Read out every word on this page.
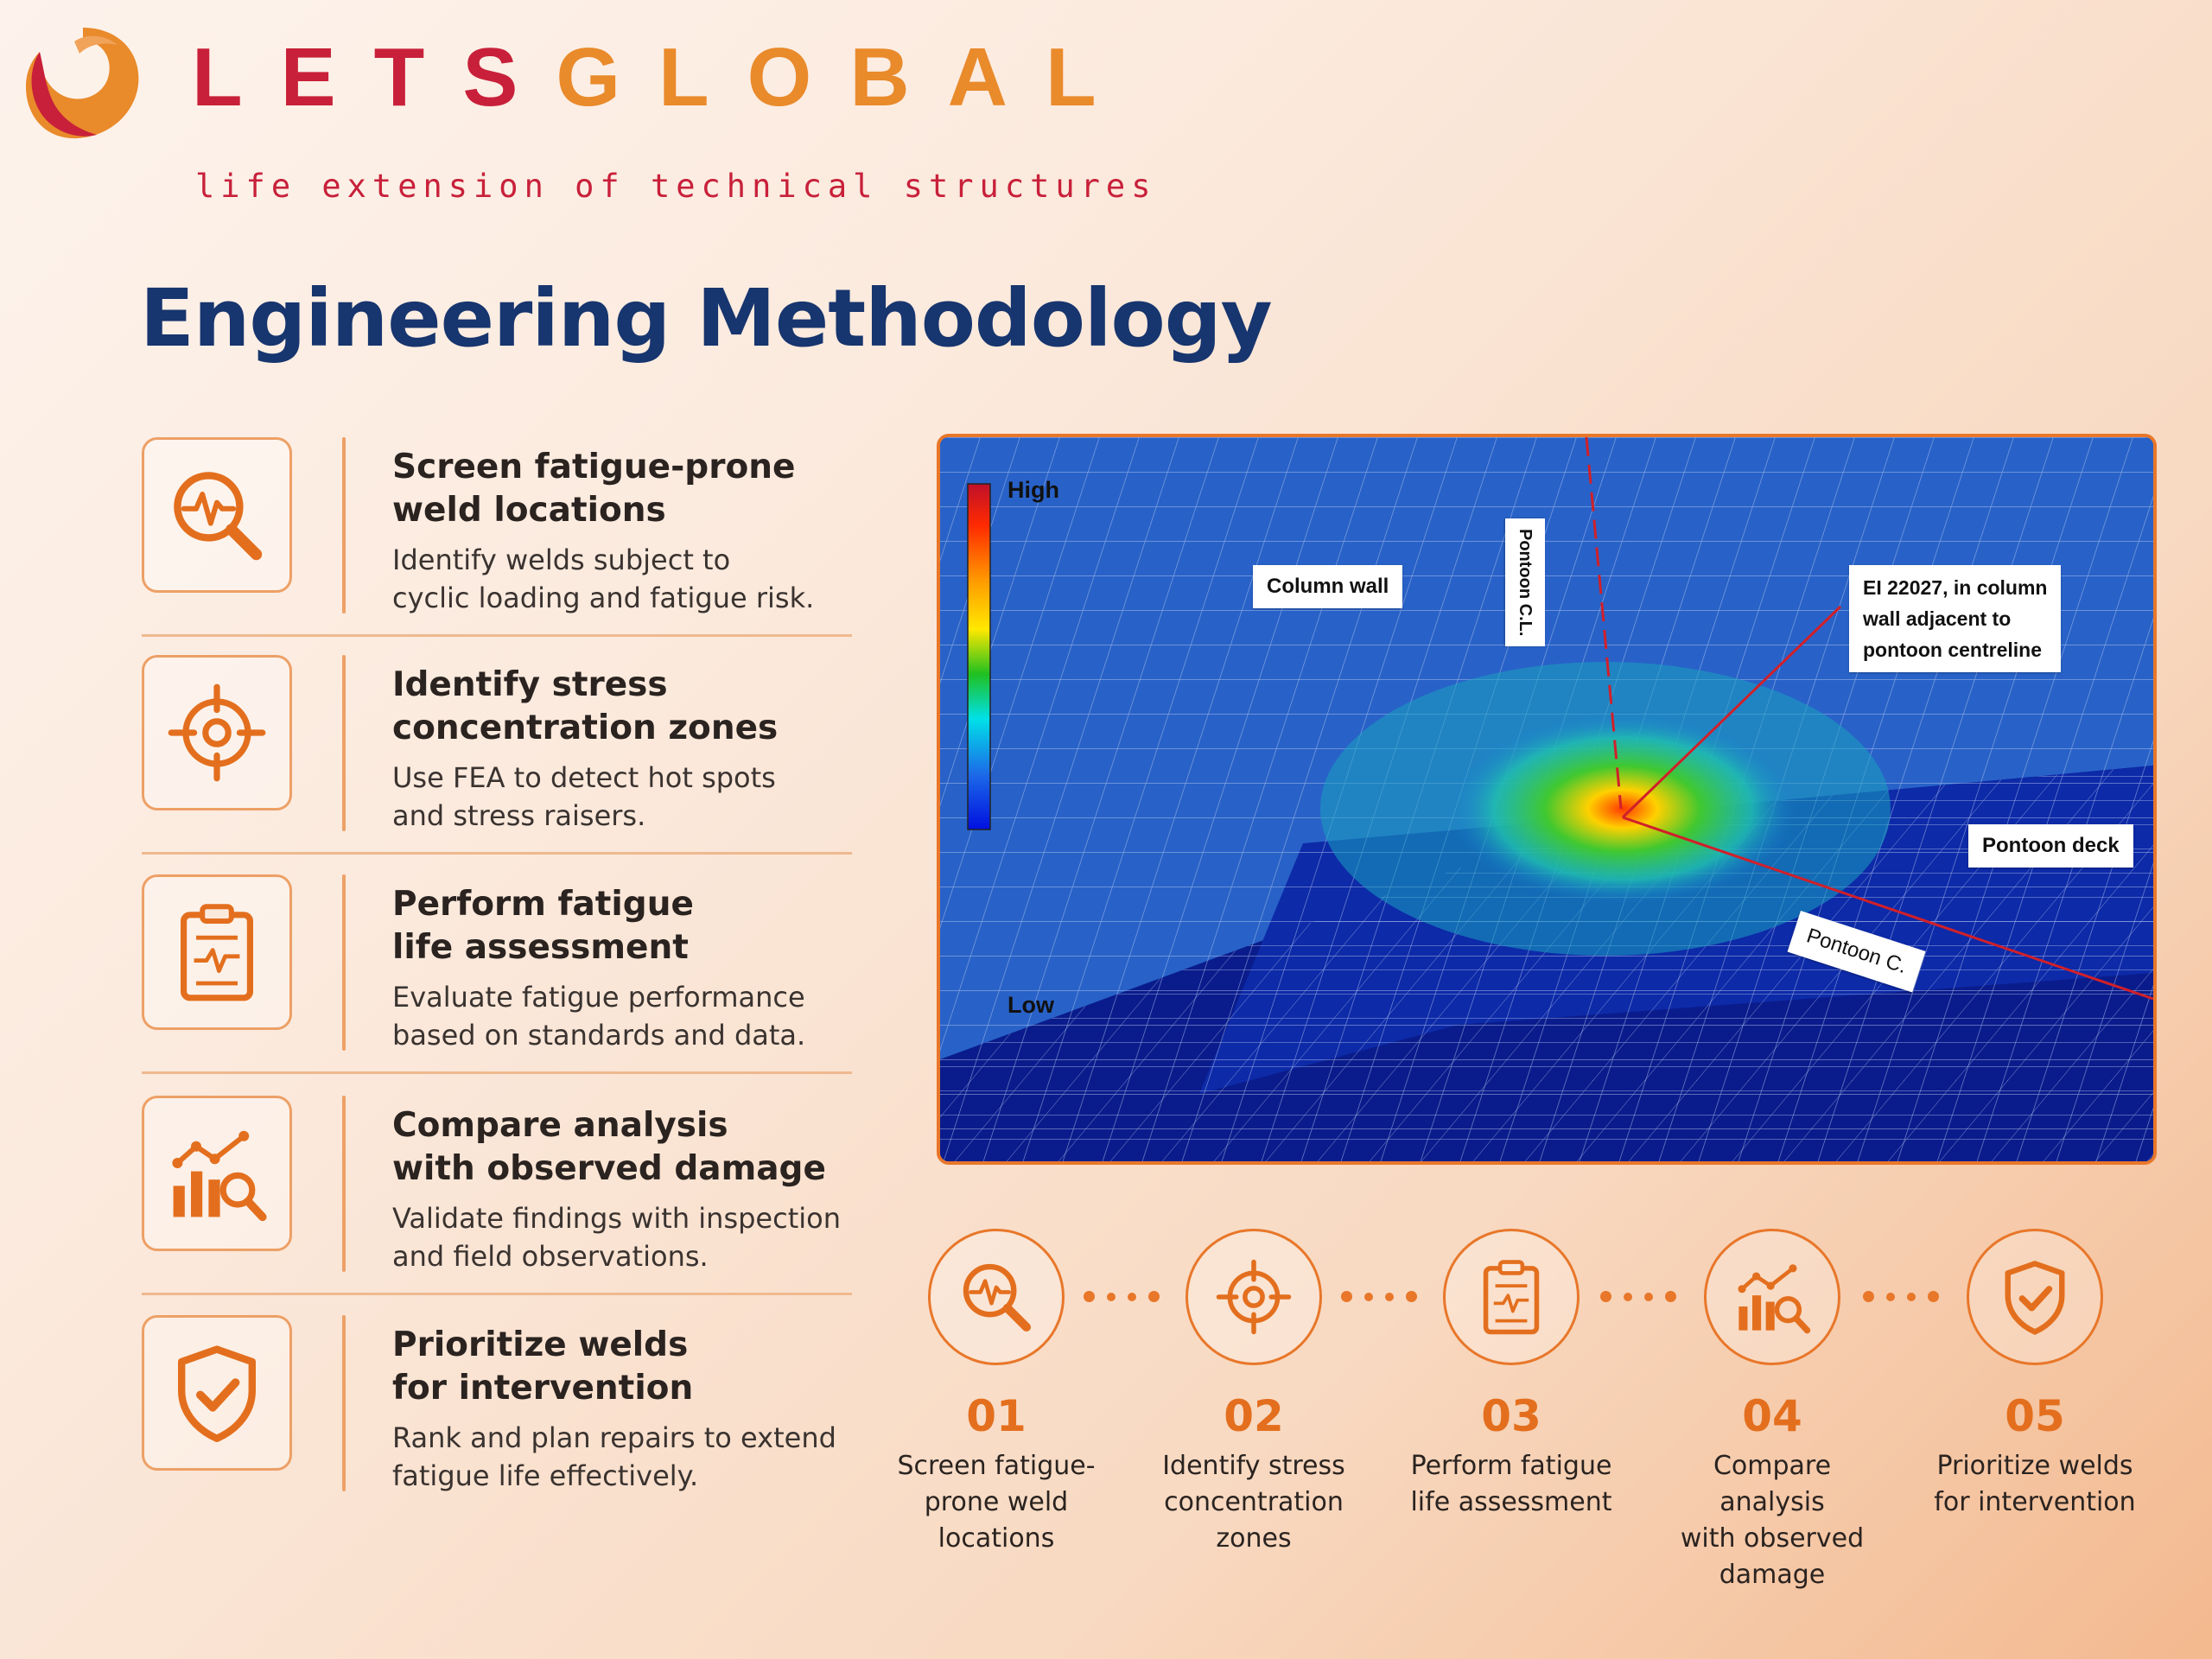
LETSGLOBAL
life extension of technical structures
Engineering Methodology
Screen fatigue-prone
weld locations
Identify welds subject to
cyclic loading and fatigue risk.
Identify stress
concentration zones
Use FEA to detect hot spots
and stress raisers.
Perform fatigue
life assessment
Evaluate fatigue performance
based on standards and data.
Compare analysis
with observed damage
Validate findings with inspection
and field observations.
Prioritize welds
for intervention
Rank and plan repairs to extend
fatigue life effectively.
High
Low
Column wall	Pontoon C.L.	EI 22027, in column
wall adjacent to
pontoon centreline
Pontoon deck
Pontoon C.
01	02	03	04	05
Screen fatigue-
prone weld
locations
Identify stress
concentration
zones
Perform fatigue
life assessment
Compare analysis
with observed
damage
Prioritize welds
for intervention
